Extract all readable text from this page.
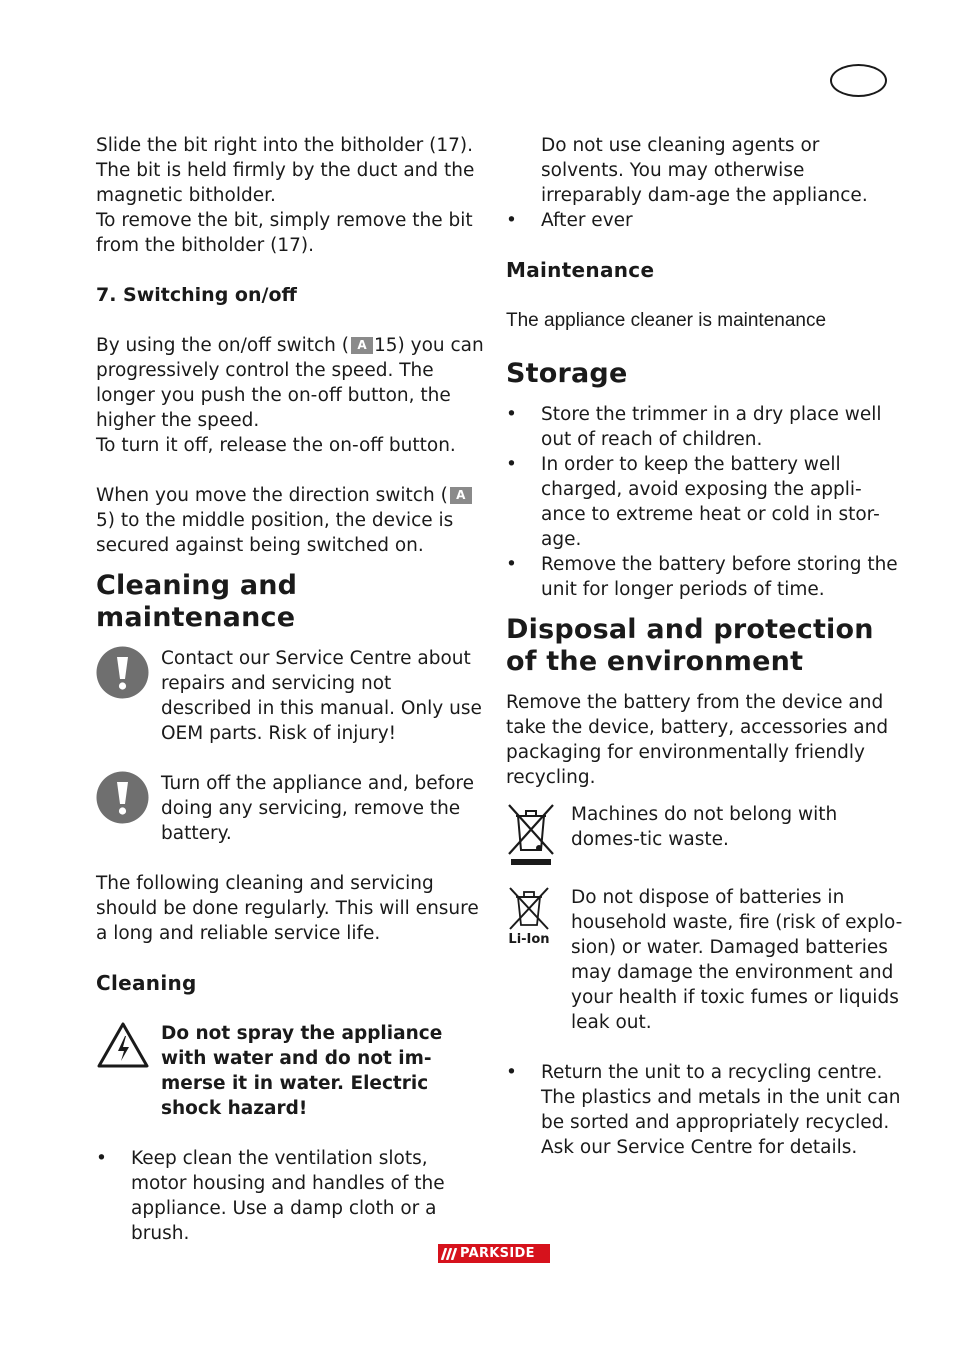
Slide the bit right into the bitholder (17). The bit is held firmly by the duct and the magnetic bitholder.

To remove the bit, simply remove the bit from the bitholder (17).

7. Switching on/off

By using the on/off switch ( A 15) you can progressively control the speed. The longer you push the on-off button, the higher the speed.

To turn it off, release the on-off button.

When you move the direction switch ( A5) to the middle position, the device is secured against being switched on.

Cleaning and
maintenance
Contact our Service Centre about repairs and servicing not described in this manual. Only use OEM parts. Risk of injury!
Turn off the appliance and, before doing any servicing, remove the battery.

The following cleaning and servicing should be done regularly. This will ensure a long and reliable service life.

Cleaning

Do not spray the appliance with water and do not im-merse it in water. Electric shock hazard!
•	Keep clean the ventilation slots, motor housing and handles of the appliance. Use a damp cloth or a brush.

Do not use cleaning agents or solvents. You may otherwise irreparably dam-age the appliance.

•	After ever

Maintenance

The appliance cleaner is maintenance

Storage
•	Store the trimmer in a dry place well out of reach of children.
•	In order to keep the battery well charged, avoid exposing the appli-ance to extreme heat or cold in stor-age.
•	Remove the battery before storing the unit for longer periods of time.
Disposal and protection
of the environment

Remove the battery from the device and take the device, battery, accessories and packaging for environmentally friendly recycling.

Machines do not belong with domes-tic waste.
Li-Ion
Do not dispose of batteries in household waste, fire (risk of explo-sion) or water. Damaged batteries may damage the environment and your health if toxic fumes or liquids leak out.
•	Return the unit to a recycling centre. The plastics and metals in the unit can be sorted and appropriately recycled. Ask our Service Centre for details.
PARKSIDE
